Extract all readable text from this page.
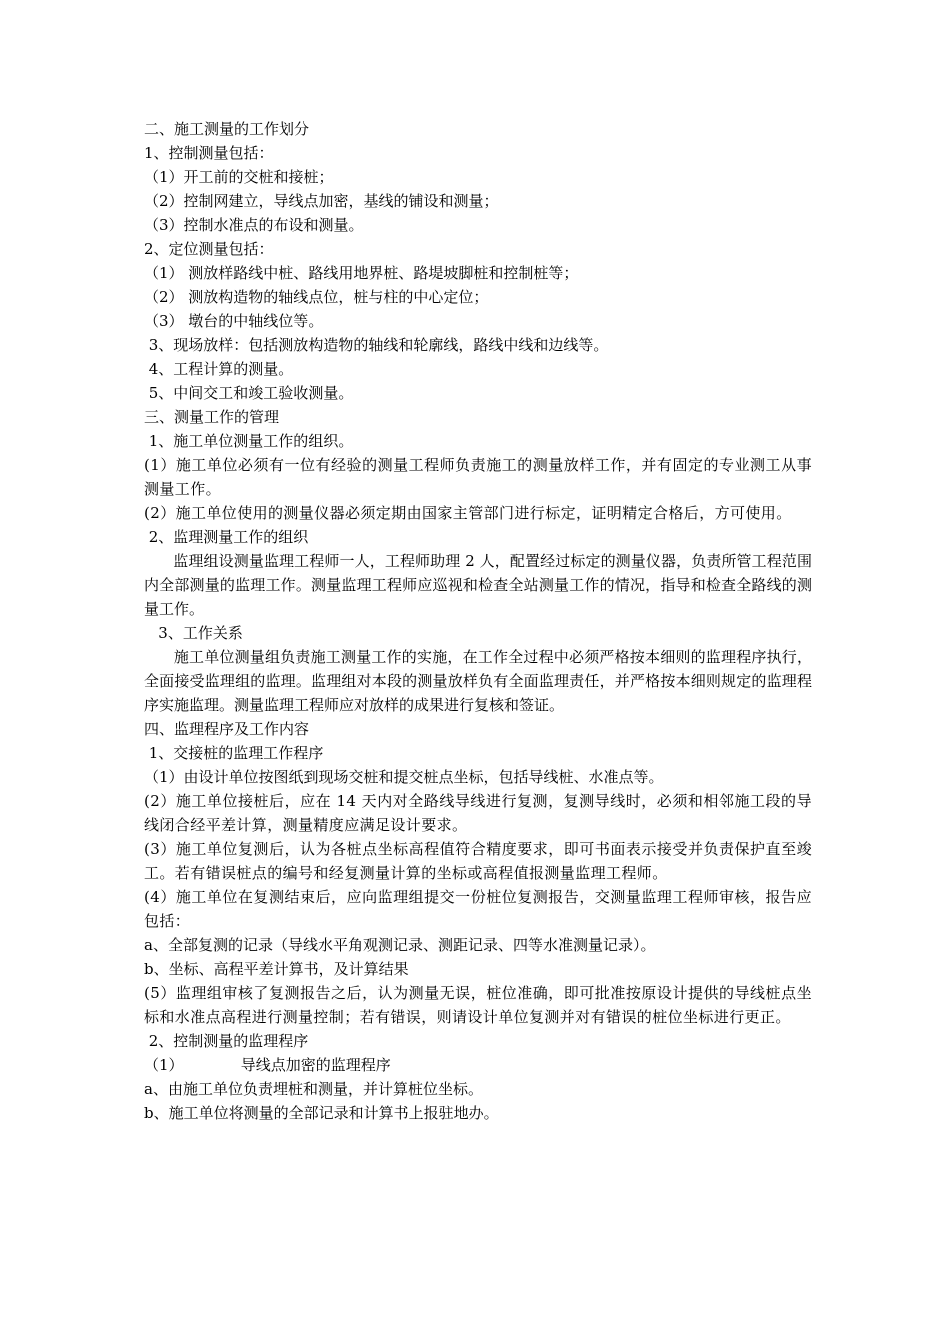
二、施工测量的工作划分
1、控制测量包括：
（1）开工前的交桩和接桩；
（2）控制网建立，导线点加密，基线的铺设和测量；
（3）控制水准点的布设和测量。
2、定位测量包括：
（1） 测放样路线中桩、路线用地界桩、路堤坡脚桩和控制桩等；
（2） 测放构造物的轴线点位，桩与柱的中心定位；
（3） 墩台的中轴线位等。
3、现场放样：包括测放构造物的轴线和轮廓线，路线中线和边线等。
4、工程计算的测量。
5、中间交工和竣工验收测量。
三、测量工作的管理
1、施工单位测量工作的组织。
(1）施工单位必须有一位有经验的测量工程师负责施工的测量放样工作，并有固定的专业测工从事测量工作。
(2）施工单位使用的测量仪器必须定期由国家主管部门进行标定，证明精定合格后，方可使用。
2、监理测量工作的组织
监理组设测量监理工程师一人，工程师助理 2 人，配置经过标定的测量仪器，负责所管工程范围内全部测量的监理工作。测量监理工程师应巡视和检查全站测量工作的情况，指导和检查全路线的测量工作。
3、工作关系
施工单位测量组负责施工测量工作的实施，在工作全过程中必须严格按本细则的监理程序执行，全面接受监理组的监理。监理组对本段的测量放样负有全面监理责任，并严格按本细则规定的监理程序实施监理。测量监理工程师应对放样的成果进行复核和签证。
四、监理程序及工作内容
1、交接桩的监理工作程序
（1）由设计单位按图纸到现场交桩和提交桩点坐标，包括导线桩、水准点等。
(2）施工单位接桩后，应在 14 天内对全路线导线进行复测，复测导线时，必须和相邻施工段的导线闭合经平差计算，测量精度应满足设计要求。
(3）施工单位复测后，认为各桩点坐标高程值符合精度要求，即可书面表示接受并负责保护直至竣工。若有错误桩点的编号和经复测量计算的坐标或高程值报测量监理工程师。
(4）施工单位在复测结束后，应向监理组提交一份桩位复测报告，交测量监理工程师审核，报告应包括：
a、全部复测的记录（导线水平角观测记录、测距记录、四等水准测量记录）。
b、坐标、高程平差计算书，及计算结果
(5）监理组审核了复测报告之后，认为测量无误，桩位准确，即可批准按原设计提供的导线桩点坐标和水准点高程进行测量控制；若有错误，则请设计单位复测并对有错误的桩位坐标进行更正。
2、控制测量的监理程序
（1）            导线点加密的监理程序
a、由施工单位负责埋桩和测量，并计算桩位坐标。
b、施工单位将测量的全部记录和计算书上报驻地办。
